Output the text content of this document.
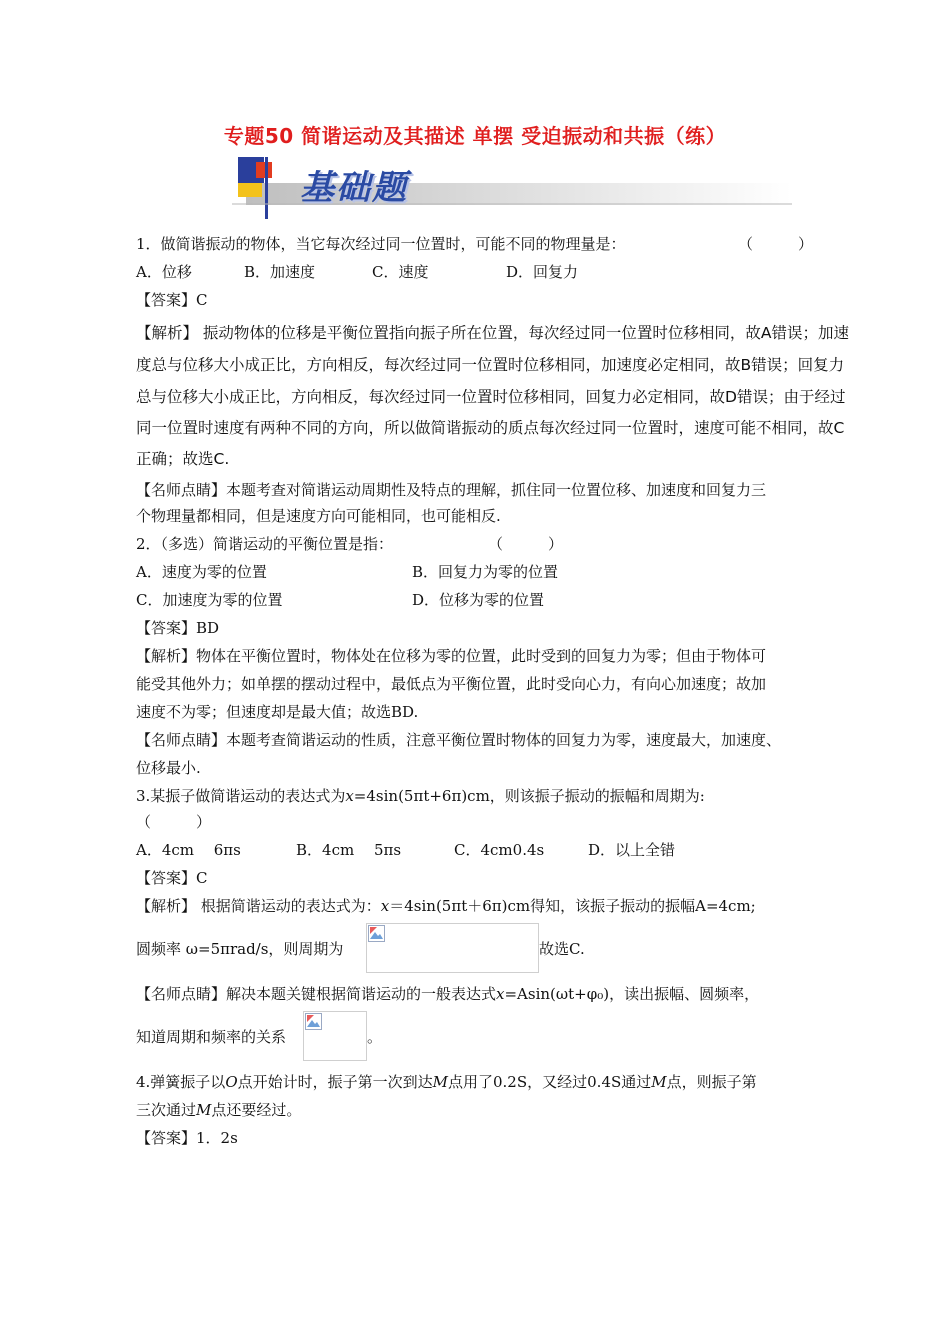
专题50 简谐运动及其描述 单摆 受迫振动和共振（练）
基础题
1．做简谐振动的物体，当它每次经过同一位置时，可能不同的物理量是：	（　　　）
A．位移	B．加速度	C．速度	D．回复力
【答案】C
【解析】 振动物体的位移是平衡位置指向振子所在位置，每次经过同一位置时位移相同，故A错误；加速
度总与位移大小成正比，方向相反，每次经过同一位置时位移相同，加速度必定相同，故B错误；回复力
总与位移大小成正比，方向相反，每次经过同一位置时位移相同，回复力必定相同，故D错误；由于经过
同一位置时速度有两种不同的方向，所以做简谐振动的质点每次经过同一位置时，速度可能不相同，故C
正确；故选C.
【名师点睛】本题考查对简谐运动周期性及特点的理解，抓住同一位置位移、加速度和回复力三
个物理量都相同，但是速度方向可能相同，也可能相反.
2．（多选）简谐运动的平衡位置是指：	（　　　）
A．速度为零的位置	B．回复力为零的位置
C．加速度为零的位置	D．位移为零的位置
【答案】BD
【解析】物体在平衡位置时，物体处在位移为零的位置，此时受到的回复力为零；但由于物体可
能受其他外力；如单摆的摆动过程中，最低点为平衡位置，此时受向心力，有向心加速度；故加
速度不为零；但速度却是最大值；故选BD.
【名师点睛】本题考查简谐运动的性质，注意平衡位置时物体的回复力为零，速度最大，加速度、
位移最小.
3.某振子做简谐运动的表达式为x=4sin(5πt+6π)cm，则该振子振动的振幅和周期为:
（　　　）
A．4cm　 6πs	B．4cm　 5πs	C．4cm0.4s	D．以上全错
【答案】C
【解析】 根据简谐运动的表达式为：x＝4sin(5πt＋6π)cm得知，该振子振动的振幅A=4cm;
圆频率 ω=5πrad/s，则周期为	故选C.
【名师点睛】解决本题关键根据简谐运动的一般表达式x=Asin(ωt+φ₀)，读出振幅、圆频率，
知道周期和频率的关系	。
4.弹簧振子以O点开始计时，振子第一次到达M点用了0.2S，又经过0.4S通过M点，则振子第
三次通过M点还要经过。
【答案】1．2s
